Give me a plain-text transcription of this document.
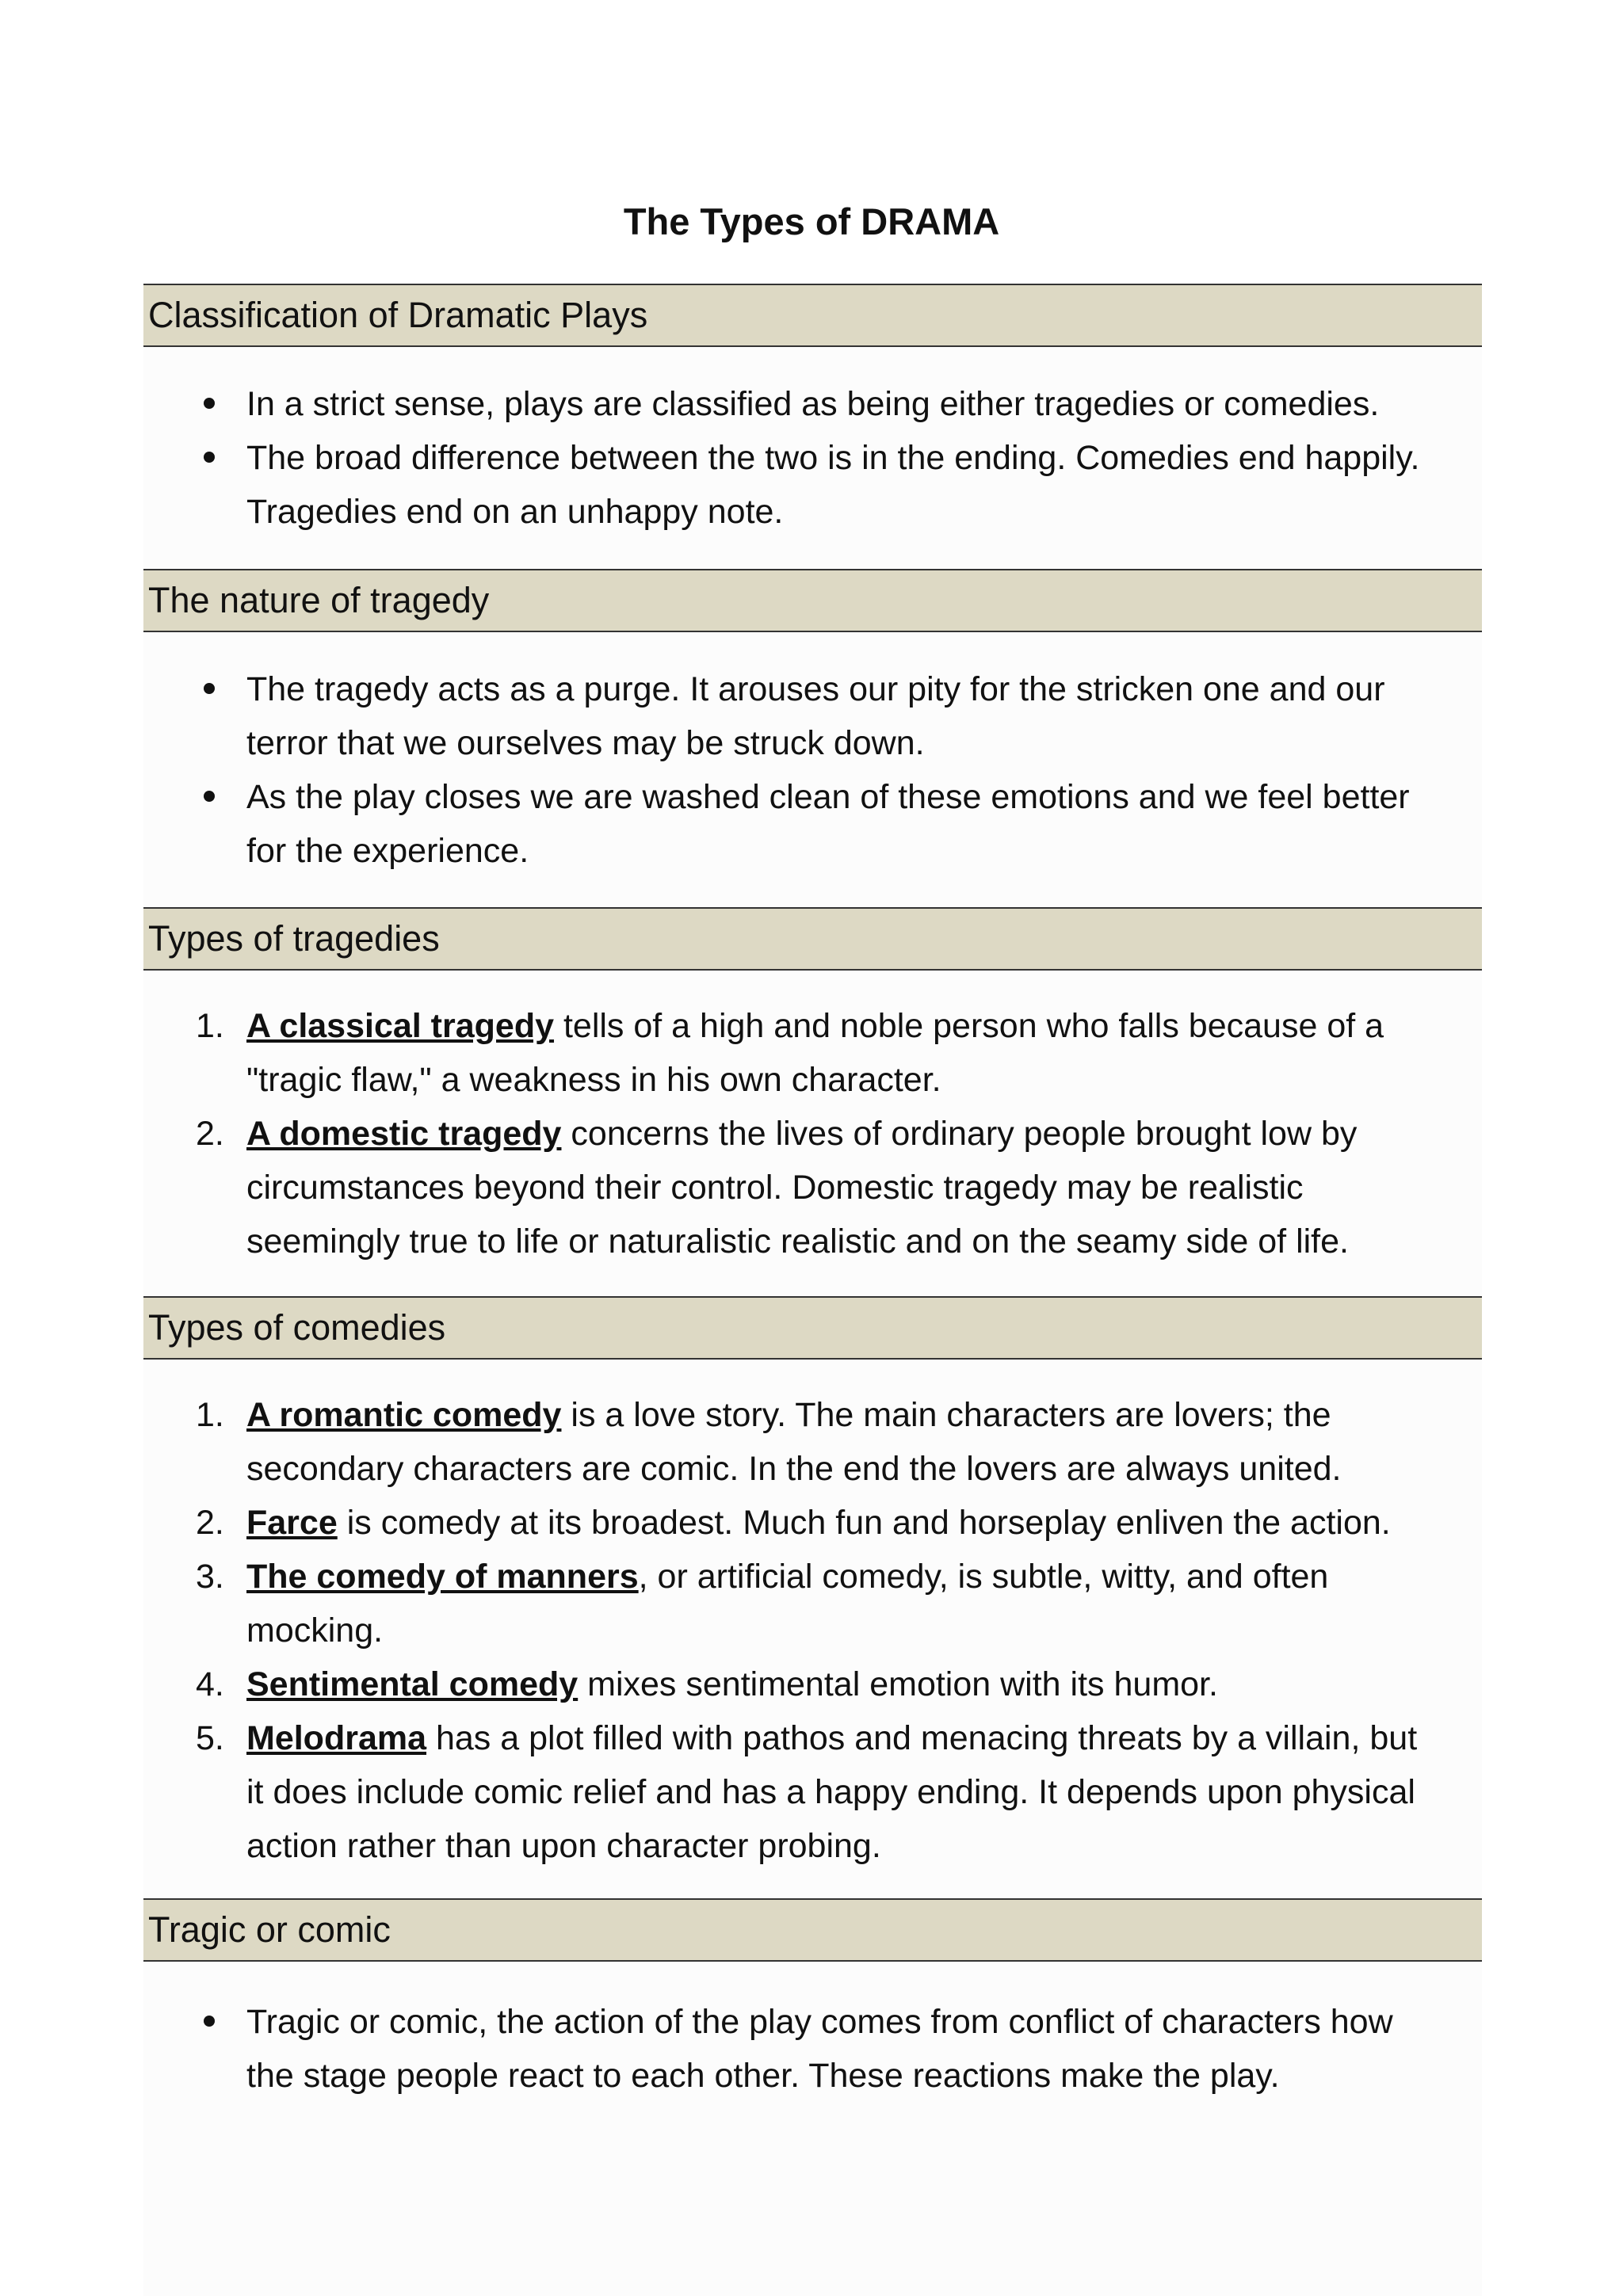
The Types of DRAMA
Classification of Dramatic Plays
In a strict sense, plays are classified as being either tragedies or comedies.
The broad difference between the two is in the ending. Comedies end happily.
Tragedies end on an unhappy note.
The nature of tragedy
The tragedy acts as a purge. It arouses our pity for the stricken one and our
terror that we ourselves may be struck down.
As the play closes we are washed clean of these emotions and we feel better
for the experience.
Types of tragedies
1. A classical tragedy tells of a high and noble person who falls because of a
"tragic flaw," a weakness in his own character.
2. A domestic tragedy concerns the lives of ordinary people brought low by
circumstances beyond their control. Domestic tragedy may be realistic
seemingly true to life or naturalistic realistic and on the seamy side of life.
Types of comedies
1. A romantic comedy is a love story. The main characters are lovers; the
secondary characters are comic. In the end the lovers are always united.
2. Farce is comedy at its broadest. Much fun and horseplay enliven the action.
3. The comedy of manners, or artificial comedy, is subtle, witty, and often
mocking.
4. Sentimental comedy mixes sentimental emotion with its humor.
5. Melodrama has a plot filled with pathos and menacing threats by a villain, but
it does include comic relief and has a happy ending. It depends upon physical
action rather than upon character probing.
Tragic or comic
Tragic or comic, the action of the play comes from conflict of characters how
the stage people react to each other. These reactions make the play.
